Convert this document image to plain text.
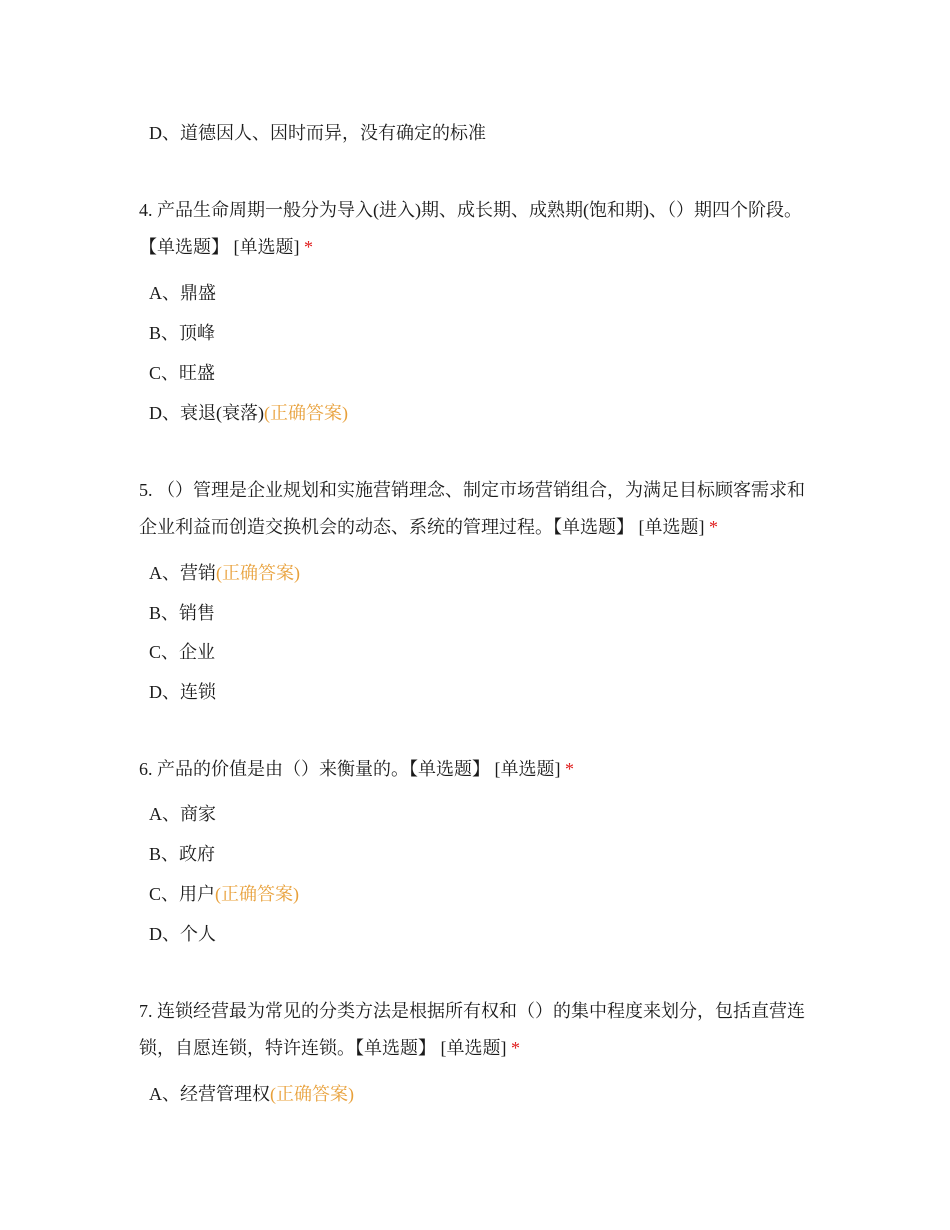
D、道德因人、因时而异，没有确定的标准
4. 产品生命周期一般分为导入(进入)期、成长期、成熟期(饱和期)、（）期四个阶段。【单选题】 [单选题] *
A、鼎盛
B、顶峰
C、旺盛
D、衰退(衰落)(正确答案)
5. （）管理是企业规划和实施营销理念、制定市场营销组合，为满足目标顾客需求和企业利益而创造交换机会的动态、系统的管理过程。【单选题】 [单选题] *
A、营销(正确答案)
B、销售
C、企业
D、连锁
6. 产品的价值是由（）来衡量的。【单选题】 [单选题] *
A、商家
B、政府
C、用户(正确答案)
D、个人
7. 连锁经营最为常见的分类方法是根据所有权和（）的集中程度来划分，包括直营连锁，自愿连锁，特许连锁。【单选题】 [单选题] *
A、经营管理权(正确答案)
